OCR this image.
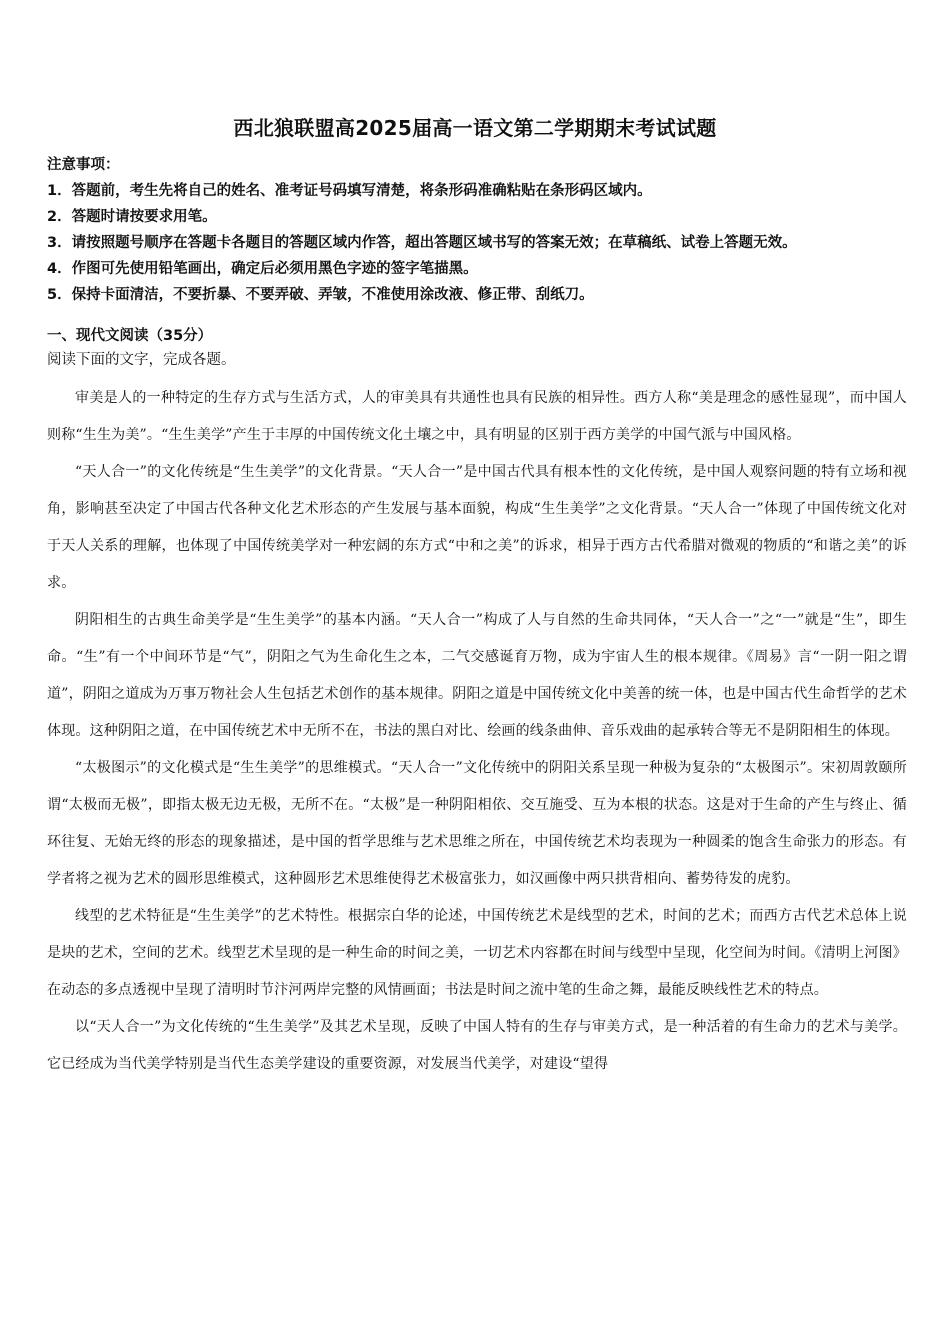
西北狼联盟高2025届高一语文第二学期期末考试试题
注意事项：
1．答题前，考生先将自己的姓名、准考证号码填写清楚，将条形码准确粘贴在条形码区域内。
2．答题时请按要求用笔。
3．请按照题号顺序在答题卡各题目的答题区域内作答，超出答题区域书写的答案无效；在草稿纸、试卷上答题无效。
4．作图可先使用铅笔画出，确定后必须用黑色字迹的签字笔描黑。
5．保持卡面清洁，不要折暴、不要弄破、弄皱，不准使用涂改液、修正带、刮纸刀。
一、现代文阅读（35分）
阅读下面的文字，完成各题。

审美是人的一种特定的生存方式与生活方式，人的审美具有共通性也具有民族的相异性。西方人称“美是理念的感性显现”，而中国人则称“生生为美”。“生生美学”产生于丰厚的中国传统文化土壤之中，具有明显的区别于西方美学的中国气派与中国风格。

“天人合一”的文化传统是“生生美学”的文化背景。“天人合一”是中国古代具有根本性的文化传统，是中国人观察问题的特有立场和视角，影响甚至决定了中国古代各种文化艺术形态的产生发展与基本面貌，构成“生生美学”之文化背景。“天人合一”体现了中国传统文化对于天人关系的理解，也体现了中国传统美学对一种宏阔的东方式“中和之美”的诉求，相异于西方古代希腊对微观的物质的“和谐之美”的诉求。

阴阳相生的古典生命美学是“生生美学”的基本内涵。“天人合一”构成了人与自然的生命共同体，“天人合一”之“一”就是“生”，即生命。“生”有一个中间环节是“气”，阴阳之气为生命化生之本，二气交感诞育万物，成为宇宙人生的根本规律。《周易》言“一阴一阳之谓道”，阴阳之道成为万事万物社会人生包括艺术创作的基本规律。阴阳之道是中国传统文化中美善的统一体，也是中国古代生命哲学的艺术体现。这种阴阳之道，在中国传统艺术中无所不在，书法的黑白对比、绘画的线条曲伸、音乐戏曲的起承转合等无不是阴阳相生的体现。

“太极图示”的文化模式是“生生美学”的思维模式。“天人合一”文化传统中的阴阳关系呈现一种极为复杂的“太极图示”。宋初周敦颐所谓“太极而无极”，即指太极无边无极，无所不在。“太极”是一种阴阳相依、交互施受、互为本根的状态。这是对于生命的产生与终止、循环往复、无始无终的形态的现象描述，是中国的哲学思维与艺术思维之所在，中国传统艺术均表现为一种圆柔的饱含生命张力的形态。有学者将之视为艺术的圆形思维模式，这种圆形艺术思维使得艺术极富张力，如汉画像中两只拱背相向、蓄势待发的虎豹。

线型的艺术特征是“生生美学”的艺术特性。根据宗白华的论述，中国传统艺术是线型的艺术，时间的艺术；而西方古代艺术总体上说是块的艺术，空间的艺术。线型艺术呈现的是一种生命的时间之美，一切艺术内容都在时间与线型中呈现，化空间为时间。《清明上河图》在动态的多点透视中呈现了清明时节汴河两岸完整的风情画面；书法是时间之流中笔的生命之舞，最能反映线性艺术的特点。

以“天人合一”为文化传统的“生生美学”及其艺术呈现，反映了中国人特有的生存与审美方式，是一种活着的有生命力的艺术与美学。它已经成为当代美学特别是当代生态美学建设的重要资源，对发展当代美学，对建设“望得
